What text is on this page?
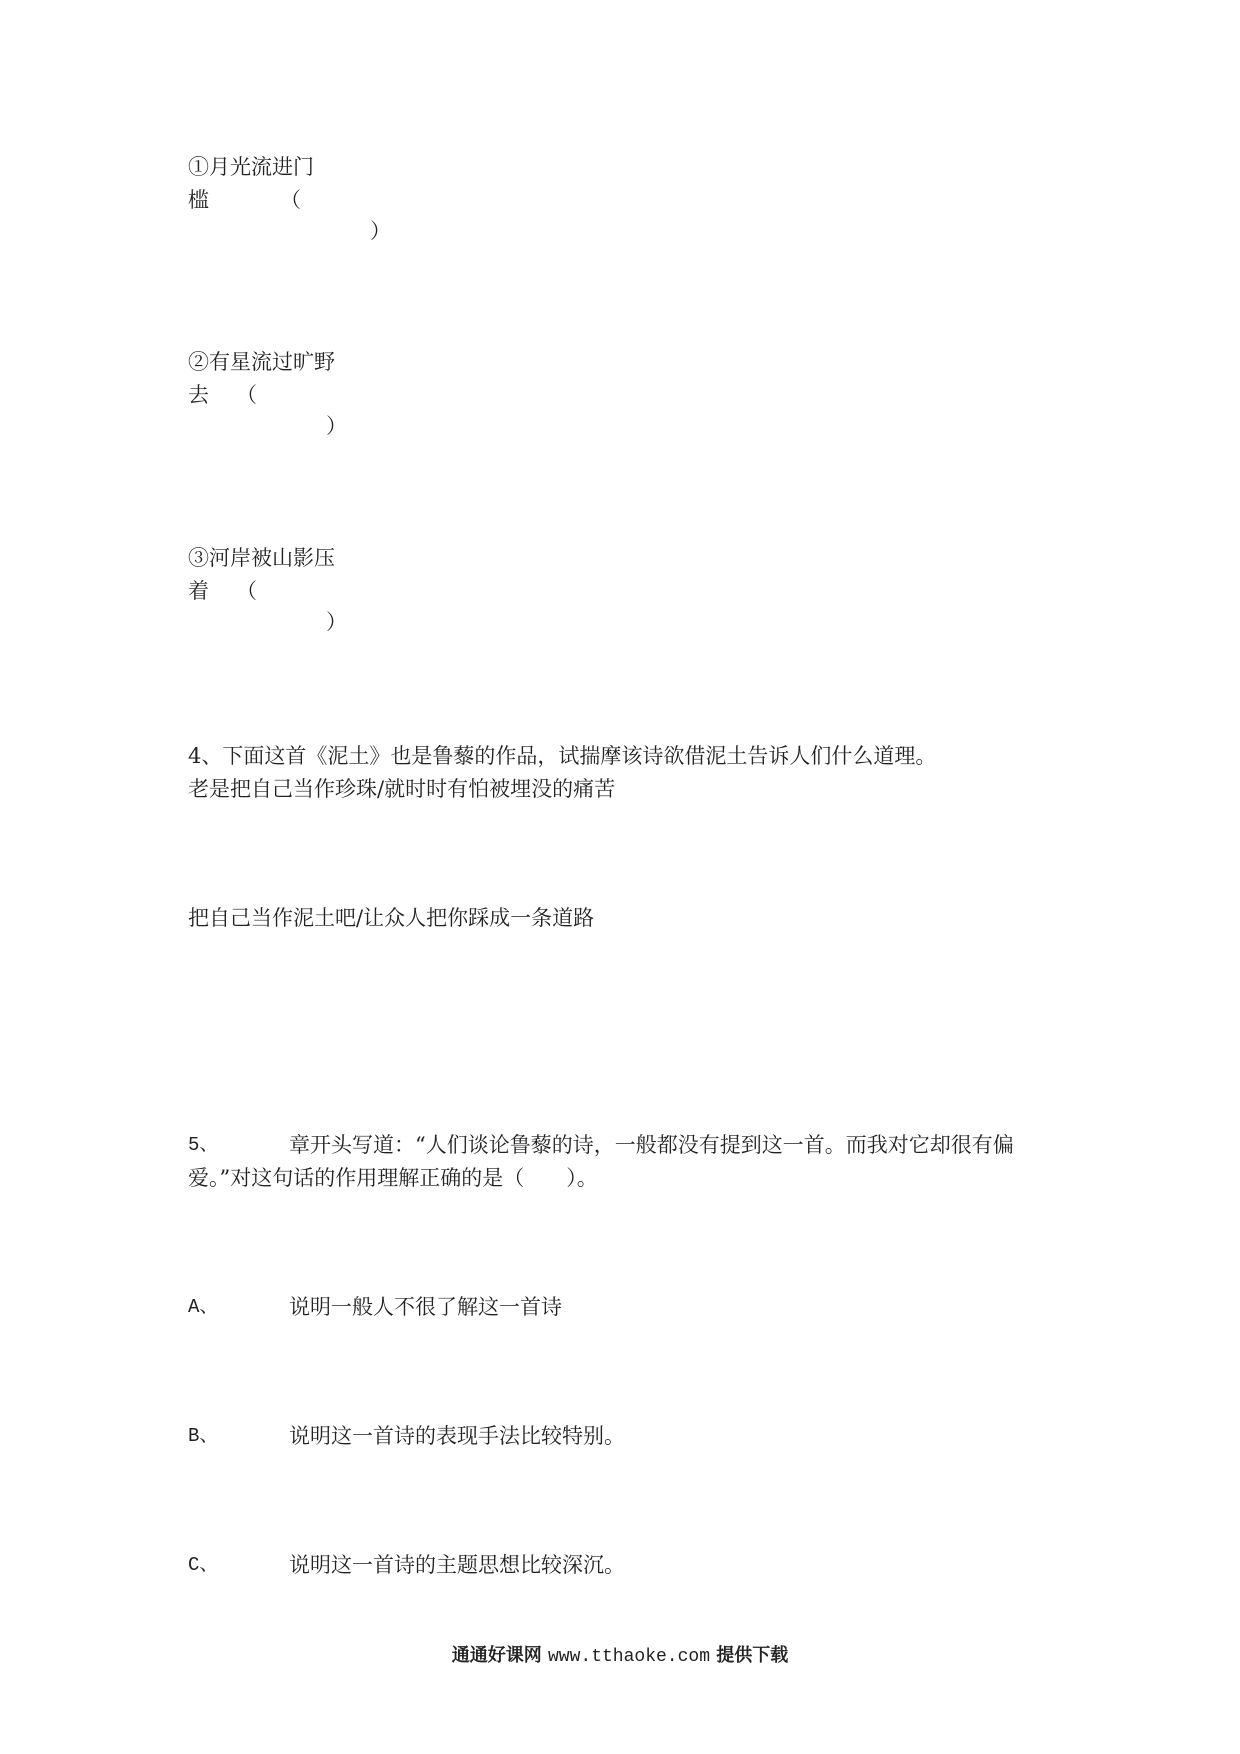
①月光流进门
槛	（
）
②有星流过旷野
去 （
）
③河岸被山影压
着 （
）
4、下面这首《泥土》也是鲁藜的作品，试揣摩该诗欲借泥土告诉人们什么道理。
老是把自己当作珍珠/就时时有怕被埋没的痛苦
把自己当作泥土吧/让众人把你踩成一条道路
5、	章开头写道：“人们谈论鲁藜的诗，一般都没有提到这一首。而我对它却很有偏
爱。”对这句话的作用理解正确的是（　　）。
A、	说明一般人不很了解这一首诗
B、	说明这一首诗的表现手法比较特别。
C、	说明这一首诗的主题思想比较深沉。
通通好课网 www.tthaoke.com 提供下载
